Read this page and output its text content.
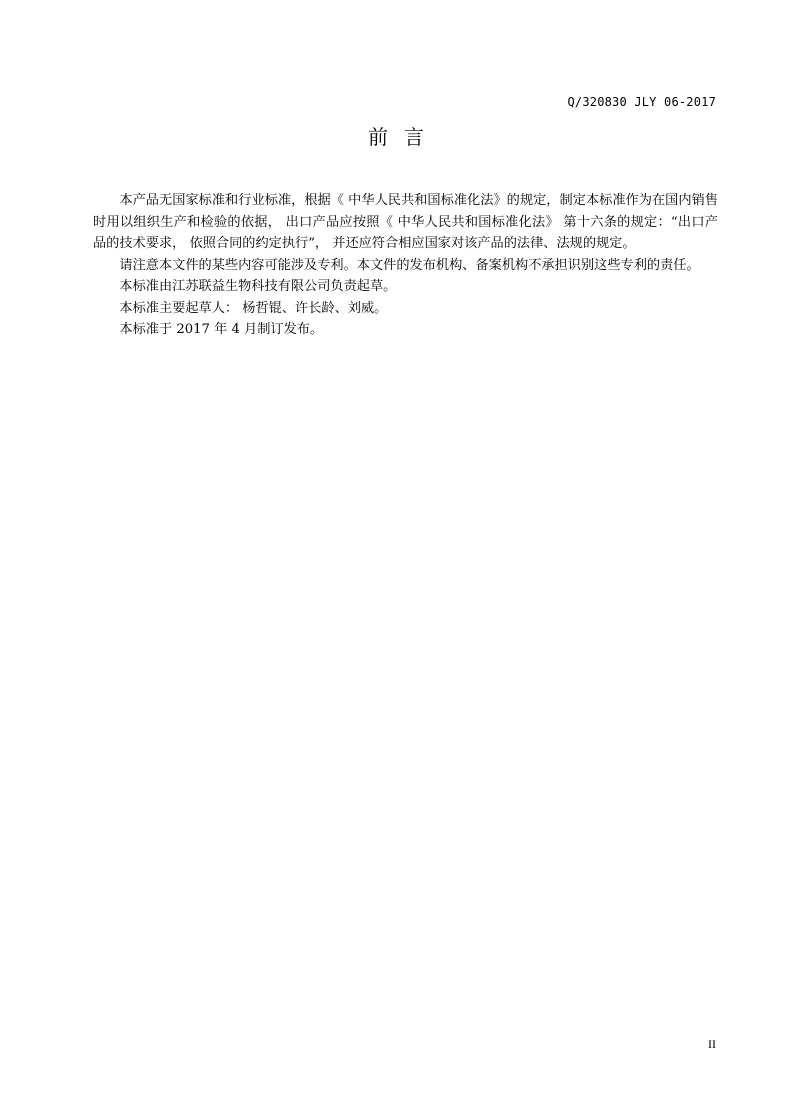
Q/320830 JLY 06-2017
前言

本产品无国家标准和行业标准，根据《 中华人民共和国标准化法》的规定，制定本标准作为在国内销售时用以组织生产和检验的依据， 出口产品应按照《 中华人民共和国标准化法》 第十六条的规定：“出口产品的技术要求， 依照合同的约定执行”， 并还应符合相应国家对该产品的法律、法规的规定。

请注意本文件的某些内容可能涉及专利。本文件的发布机构、备案机构不承担识别这些专利的责任。

本标准由江苏联益生物科技有限公司负责起草。

本标准主要起草人： 杨哲锟、许长龄、刘威。

本标准于 2017 年 4 月制订发布。

II
